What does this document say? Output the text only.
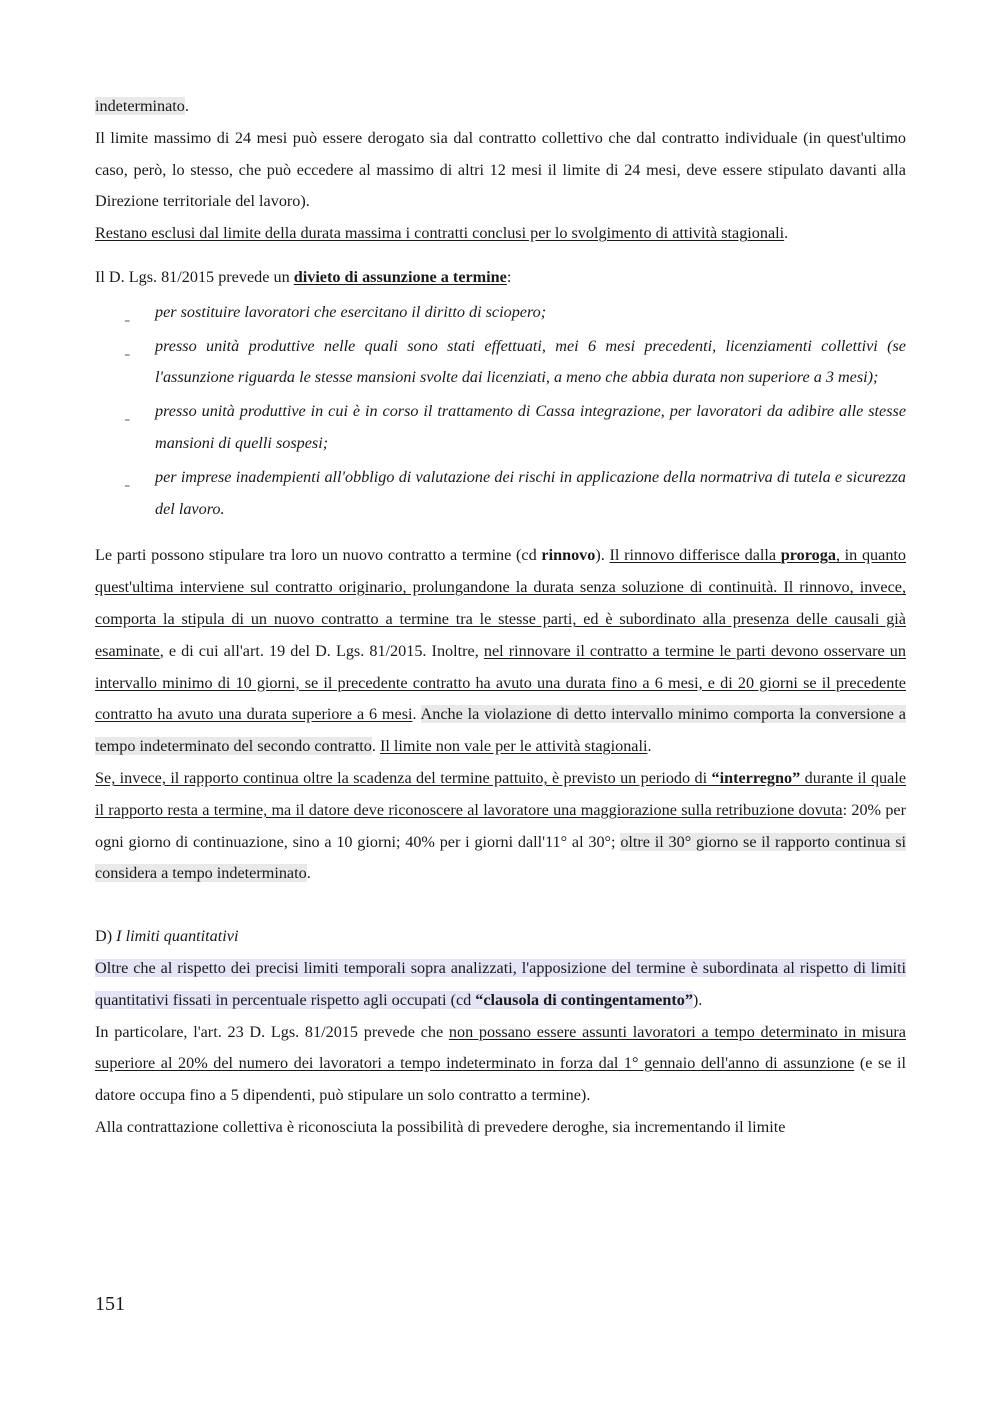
indeterminato.

Il limite massimo di 24 mesi può essere derogato sia dal contratto collettivo che dal contratto individuale (in quest'ultimo caso, però, lo stesso, che può eccedere al massimo di altri 12 mesi il limite di 24 mesi, deve essere stipulato davanti alla Direzione territoriale del lavoro).

Restano esclusi dal limite della durata massima i contratti conclusi per lo svolgimento di attività stagionali.

Il D. Lgs. 81/2015 prevede un divieto di assunzione a termine:

‗ per sostituire lavoratori che esercitano il diritto di sciopero;

‗ presso unità produttive nelle quali sono stati effettuati, mei 6 mesi precedenti, licenziamenti collettivi (se l'assunzione riguarda le stesse mansioni svolte dai licenziati, a meno che abbia durata non superiore a 3 mesi);

‗ presso unità produttive in cui è in corso il trattamento di Cassa integrazione, per lavoratori da adibire alle stesse mansioni di quelli sospesi;

‗ per imprese inadempienti all'obbligo di valutazione dei rischi in applicazione della normatriva di tutela e sicurezza del lavoro.

Le parti possono stipulare tra loro un nuovo contratto a termine (cd rinnovo). Il rinnovo differisce dalla proroga, in quanto quest'ultima interviene sul contratto originario, prolungandone la durata senza soluzione di continuità. Il rinnovo, invece, comporta la stipula di un nuovo contratto a termine tra le stesse parti, ed è subordinato alla presenza delle causali già esaminate, e di cui all'art. 19 del D. Lgs. 81/2015. Inoltre, nel rinnovare il contratto a termine le parti devono osservare un intervallo minimo di 10 giorni, se il precedente contratto ha avuto una durata fino a 6 mesi, e di 20 giorni se il precedente contratto ha avuto una durata superiore a 6 mesi. Anche la violazione di detto intervallo minimo comporta la conversione a tempo indeterminato del secondo contratto. Il limite non vale per le attività stagionali.

Se, invece, il rapporto continua oltre la scadenza del termine pattuito, è previsto un periodo di “interregno” durante il quale il rapporto resta a termine, ma il datore deve riconoscere al lavoratore una maggiorazione sulla retribuzione dovuta: 20% per ogni giorno di continuazione, sino a 10 giorni; 40% per i giorni dall'11° al 30°; oltre il 30° giorno se il rapporto continua si considera a tempo indeterminato.

D) I limiti quantitativi

Oltre che al rispetto dei precisi limiti temporali sopra analizzati, l'apposizione del termine è subordinata al rispetto di limiti quantitativi fissati in percentuale rispetto agli occupati (cd “clausola di contingentamento”).

In particolare, l'art. 23 D. Lgs. 81/2015 prevede che non possano essere assunti lavoratori a tempo determinato in misura superiore al 20% del numero dei lavoratori a tempo indeterminato in forza dal 1° gennaio dell'anno di assunzione (e se il datore occupa fino a 5 dipendenti, può stipulare un solo contratto a termine).

Alla contrattazione collettiva è riconosciuta la possibilità di prevedere deroghe, sia incrementando il limite

151
